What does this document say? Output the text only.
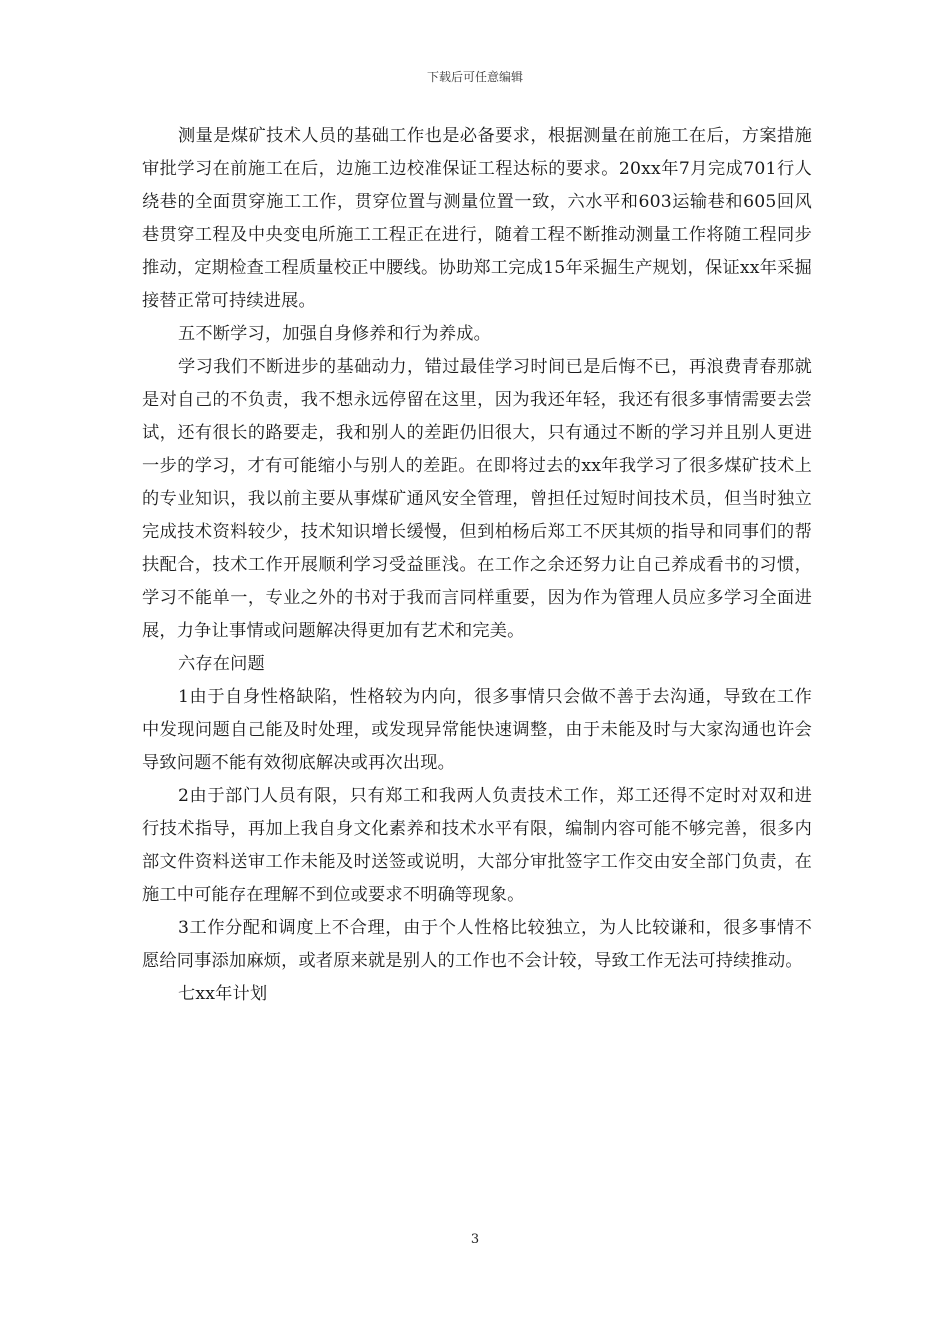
下载后可任意编辑

测量是煤矿技术人员的基础工作也是必备要求，根据测量在前施工在后，方案措施审批学习在前施工在后，边施工边校准保证工程达标的要求。20xx年7月完成701行人绕巷的全面贯穿施工工作，贯穿位置与测量位置一致，六水平和603运输巷和605回风巷贯穿工程及中央变电所施工工程正在进行，随着工程不断推动测量工作将随工程同步推动，定期检查工程质量校正中腰线。协助郑工完成15年采掘生产规划，保证xx年采掘接替正常可持续进展。

五不断学习，加强自身修养和行为养成。

学习我们不断进步的基础动力，错过最佳学习时间已是后悔不已，再浪费青春那就是对自己的不负责，我不想永远停留在这里，因为我还年轻，我还有很多事情需要去尝试，还有很长的路要走，我和别人的差距仍旧很大，只有通过不断的学习并且别人更进一步的学习，才有可能缩小与别人的差距。在即将过去的xx年我学习了很多煤矿技术上的专业知识，我以前主要从事煤矿通风安全管理，曾担任过短时间技术员，但当时独立完成技术资料较少，技术知识增长缓慢，但到柏杨后郑工不厌其烦的指导和同事们的帮扶配合，技术工作开展顺利学习受益匪浅。在工作之余还努力让自己养成看书的习惯，学习不能单一，专业之外的书对于我而言同样重要，因为作为管理人员应多学习全面进展，力争让事情或问题解决得更加有艺术和完美。

六存在问题

1由于自身性格缺陷，性格较为内向，很多事情只会做不善于去沟通，导致在工作中发现问题自己能及时处理，或发现异常能快速调整，由于未能及时与大家沟通也许会导致问题不能有效彻底解决或再次出现。

2由于部门人员有限，只有郑工和我两人负责技术工作，郑工还得不定时对双和进行技术指导，再加上我自身文化素养和技术水平有限，编制内容可能不够完善，很多内部文件资料送审工作未能及时送签或说明，大部分审批签字工作交由安全部门负责，在施工中可能存在理解不到位或要求不明确等现象。

3工作分配和调度上不合理，由于个人性格比较独立，为人比较谦和，很多事情不愿给同事添加麻烦，或者原来就是别人的工作也不会计较，导致工作无法可持续推动。

七xx年计划

3
